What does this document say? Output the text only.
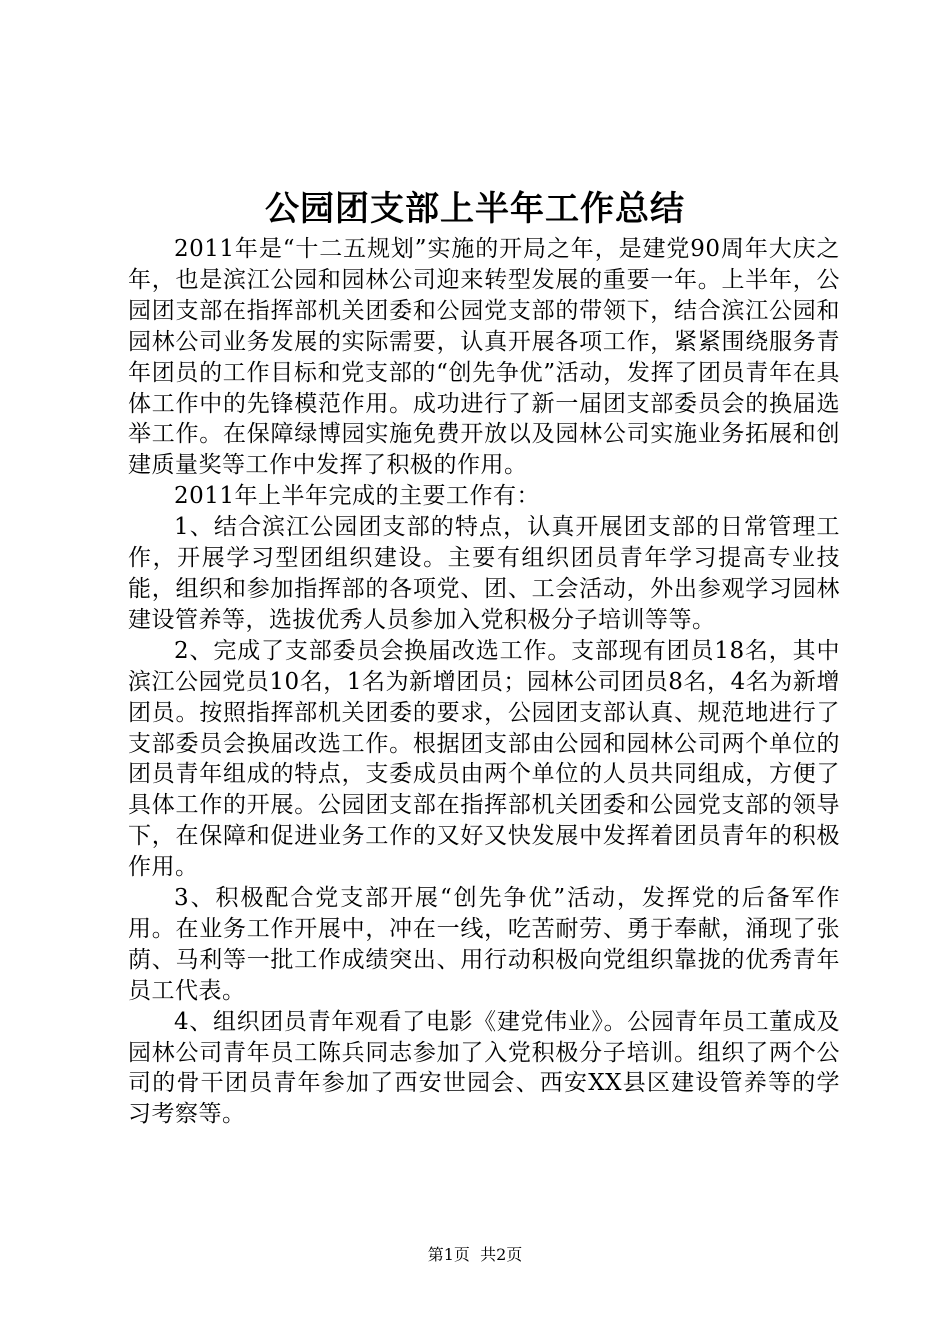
公园团支部上半年工作总结

2011年是“十二五规划”实施的开局之年，是建党90周年大庆之年，也是滨江公园和园林公司迎来转型发展的重要一年。上半年，公园团支部在指挥部机关团委和公园党支部的带领下，结合滨江公园和园林公司业务发展的实际需要，认真开展各项工作，紧紧围绕服务青年团员的工作目标和党支部的“创先争优”活动，发挥了团员青年在具体工作中的先锋模范作用。成功进行了新一届团支部委员会的换届选举工作。在保障绿博园实施免费开放以及园林公司实施业务拓展和创建质量奖等工作中发挥了积极的作用。

2011年上半年完成的主要工作有：

1、结合滨江公园团支部的特点，认真开展团支部的日常管理工作，开展学习型团组织建设。主要有组织团员青年学习提高专业技能，组织和参加指挥部的各项党、团、工会活动，外出参观学习园林建设管养等，选拔优秀人员参加入党积极分子培训等等。

2、完成了支部委员会换届改选工作。支部现有团员18名，其中滨江公园党员10名，1名为新增团员；园林公司团员8名，4名为新增团员。按照指挥部机关团委的要求，公园团支部认真、规范地进行了支部委员会换届改选工作。根据团支部由公园和园林公司两个单位的团员青年组成的特点，支委成员由两个单位的人员共同组成，方便了具体工作的开展。公园团支部在指挥部机关团委和公园党支部的领导下，在保障和促进业务工作的又好又快发展中发挥着团员青年的积极作用。

3、积极配合党支部开展“创先争优”活动，发挥党的后备军作用。在业务工作开展中，冲在一线，吃苦耐劳、勇于奉献，涌现了张荫、马利等一批工作成绩突出、用行动积极向党组织靠拢的优秀青年员工代表。

4、组织团员青年观看了电影《建党伟业》。公园青年员工董成及园林公司青年员工陈兵同志参加了入党积极分子培训。组织了两个公司的骨干团员青年参加了西安世园会、西安XX县区建设管养等的学习考察等。

第1页 共2页
